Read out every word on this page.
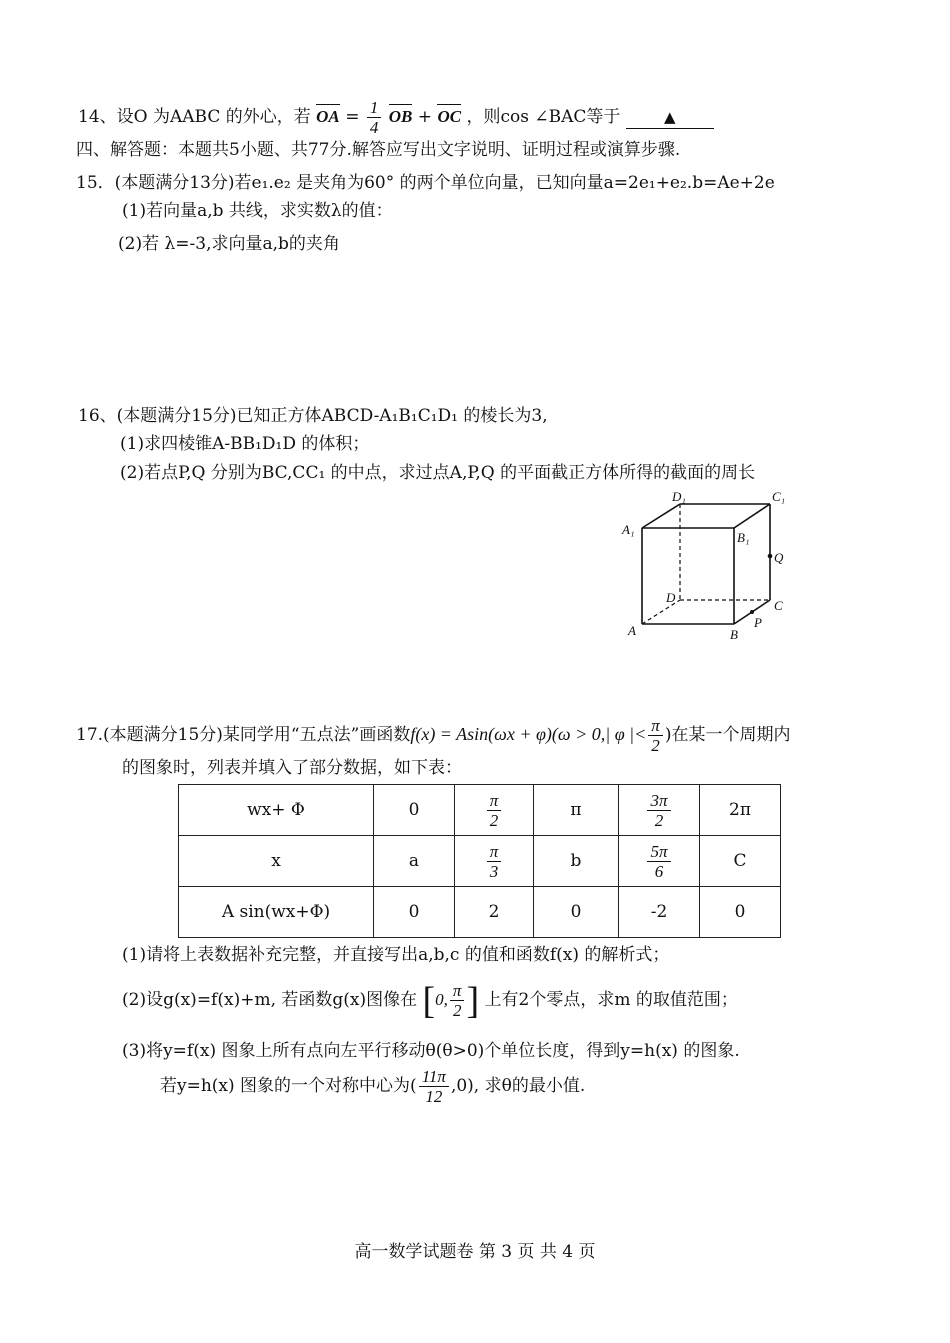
14、设O 为AABC 的外心，若 OA = $\frac{1}{4}$ OB + OC ，则cos ∠BAC等于	▲
四、解答题：本题共5小题、共77分.解答应写出文字说明、证明过程或演算步骤.
15．(本题满分13分)若e₁.e₂ 是夹角为60° 的两个单位向量，已知向量a=2e₁+e₂.b=Ae+2e
(1)若向量a,b 共线，求实数λ的值：
(2)若 λ=-3,求向量a,b的夹角
16、(本题满分15分)已知正方体ABCD-A₁B₁C₁D₁ 的棱长为3,
(1)求四棱锥A-BB₁D₁D 的体积；
(2)若点P,Q 分别为BC,CC₁ 的中点，求过点A,P,Q 的平面截正方体所得的截面的周长
D₁	C₁
A₁
B₁
Q
D
C
A	B
P
17.(本题满分15分)某同学用“五点法”画函数f(x) = Asin(ωx + φ)(ω > 0,| φ |< $\frac{\pi}{2}$ )在某一个周期内
的图象时，列表并填入了部分数据，如下表：
wx+ Φ	0	$\frac{\pi}{2}$	π	$\frac{3\pi}{2}$	2π
x	a	$\frac{\pi}{3}$	b	$\frac{5\pi}{6}$	C
A sin(wx+Φ)	0	2	0	-2	0
(1)请将上表数据补充完整，并直接写出a,b,c 的值和函数f(x) 的解析式；
(2)设g(x)=f(x)+m, 若函数g(x)图像在 [0, $\frac{\pi}{2}$ ] 上有2个零点，求m 的取值范围；
(3)将y=f(x) 图象上所有点向左平行移动θ(θ>0)个单位长度，得到y=h(x) 的图象.
若y=h(x) 图象的一个对称中心为( $\frac{11\pi}{12} ,0$), 求θ的最小值.
高一数学试题卷 第 3 页 共 4 页
